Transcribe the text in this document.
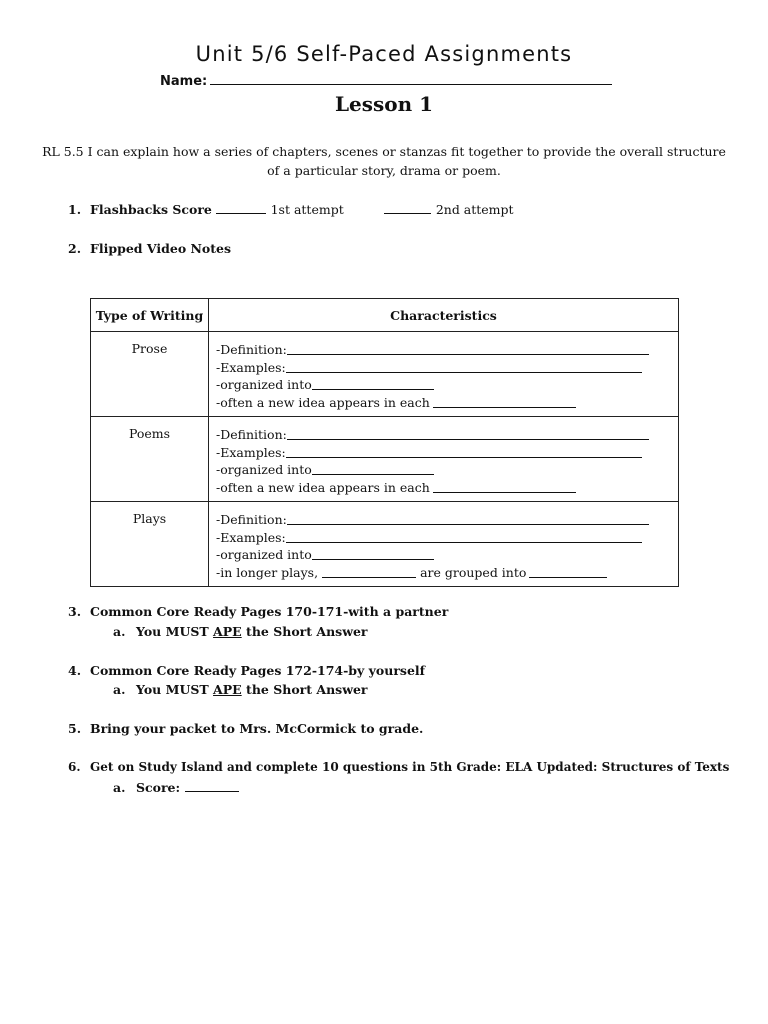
Unit 5/6 Self-Paced Assignments
Name:
Lesson 1
RL 5.5 I can explain how a series of chapters, scenes or stanzas fit together to provide the overall structure of a particular story, drama or poem.
1. Flashbacks Score	1st attempt	2nd attempt
2. Flipped Video Notes
Type of Writing	Characteristics
Prose	-Definition:
-Examples:
-organized into
-often a new idea appears in each

Poems	-Definition:
-Examples:
-organized into
-often a new idea appears in each

Plays	-Definition:
-Examples:
-organized into
-in longer plays, are grouped into
3. Common Core Ready Pages 170-171-with a partner
a. You MUST APE the Short Answer
4. Common Core Ready Pages 172-174-by yourself
a. You MUST APE the Short Answer
5. Bring your packet to Mrs. McCormick to grade.
6. Get on Study Island and complete 10 questions in 5th Grade: ELA Updated: Structures of Texts
a. Score:
